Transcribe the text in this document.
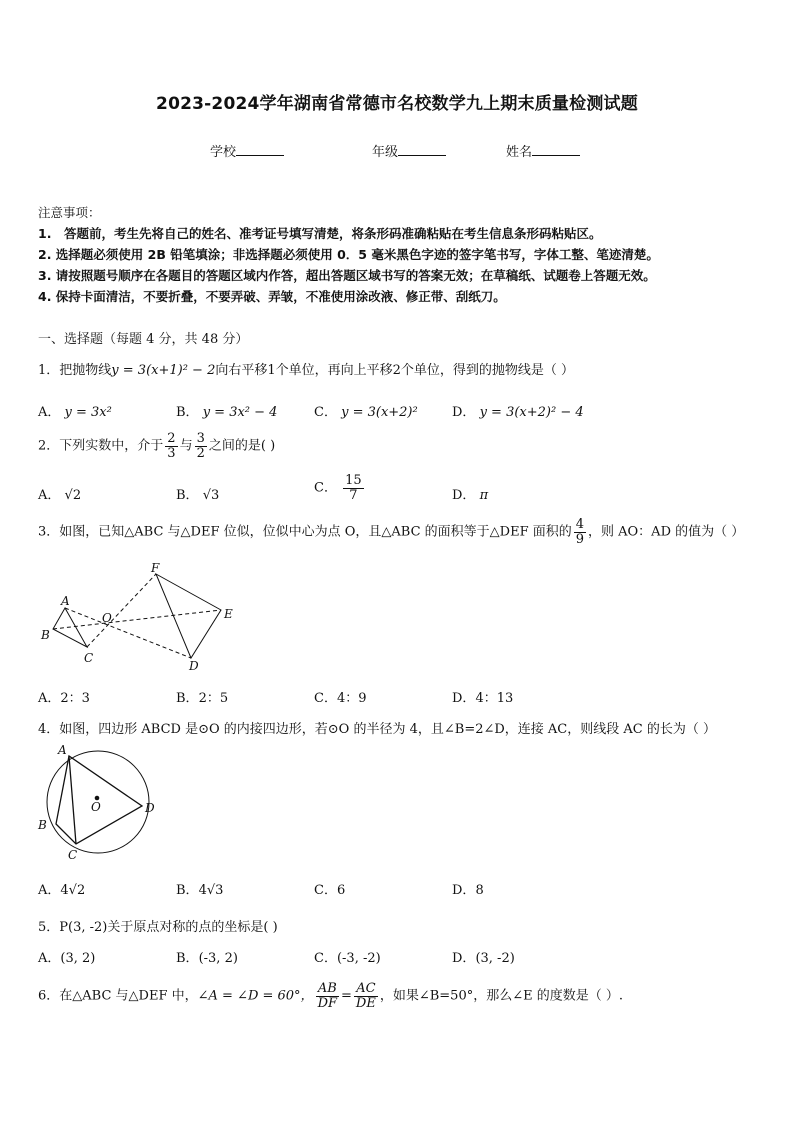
2023-2024学年湖南省常德市名校数学九上期末质量检测试题
学校	年级	姓名
注意事项：
1.　答题前，考生先将自己的姓名、准考证号填写清楚，将条形码准确粘贴在考生信息条形码粘贴区。
2. 选择题必须使用 2B 铅笔填涂；非选择题必须使用 0．5 毫米黑色字迹的签字笔书写，字体工整、笔迹清楚。
3. 请按照题号顺序在各题目的答题区域内作答，超出答题区域书写的答案无效；在草稿纸、试题卷上答题无效。
4. 保持卡面清洁，不要折叠，不要弄破、弄皱，不准使用涂改液、修正带、刮纸刀。
一、选择题（每题 4 分，共 48 分）
1．把抛物线y = 3(x+1)² − 2向右平移1个单位，再向上平移2个单位，得到的抛物线是（ ）
A． y = 3x²	B． y = 3x² − 4	C． y = 3(x+2)²	D． y = 3(x+2)² − 4
2．下列实数中，介于 $\frac{2}{3}$ 与 $\frac{3}{2}$ 之间的是( )
A． √2	B． √3	C． $\frac{15}{7}$	D． π
3．如图，已知△ABC 与△DEF 位似，位似中心为点 O，且△ABC 的面积等于△DEF 面积的 $\frac{4}{9}$ ，则 AO：AD 的值为（ ）
F
A
O	E
B
C
D
A．2：3	B．2：5	C．4：9	D．4：13
4．如图，四边形 ABCD 是⊙O 的内接四边形，若⊙O 的半径为 4，且∠B=2∠D，连接 AC，则线段 AC 的长为（ ）
A
O	D
B
C
A．4√2	B．4√3	C．6	D．8
5．P(3, -2)关于原点对称的点的坐标是( )
A．(3, 2)	B．(-3, 2)	C．(-3, -2)	D．(3, -2)
6．在△ABC 与△DEF 中，∠A = ∠D = 60°， $\frac{AB}{DF} = \frac{AC}{DE}$ ，如果∠B=50°，那么∠E 的度数是（ ）.
